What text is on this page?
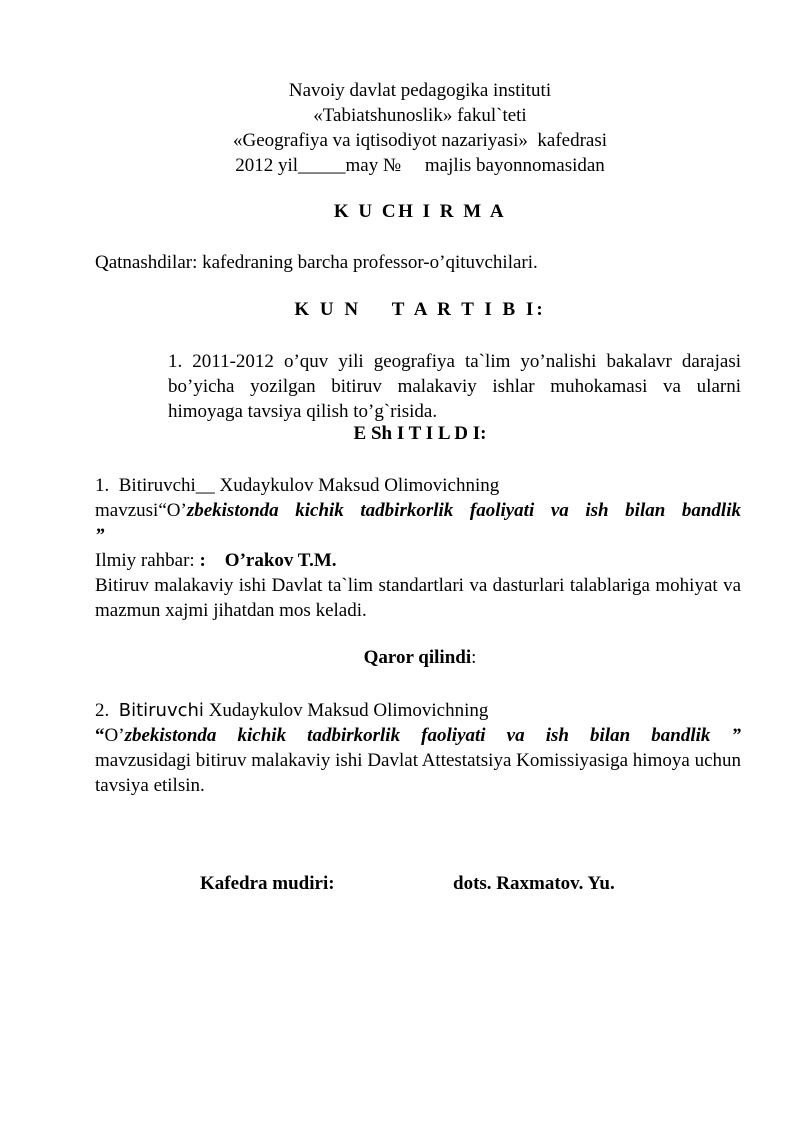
Navoiy davlat pedagogika instituti
«Tabiatshunoslik» fakul`teti
«Geografiya va iqtisodiyot nazariyasi»  kafedrasi
2012 yil_____may №     majlis bayonnomasidan
K U CH I R M A
Qatnashdilar: kafedraning barcha professor-o’qituvchilari.
K U N    T A R T I B I:
1. 2011-2012 o’quv yili geografiya ta`lim yo’nalishi bakalavr darajasi bo’yicha yozilgan bitiruv malakaviy ishlar muhokamasi va ularni himoyaga tavsiya qilish to’g`risida.
E Sh I T I L D I:
1. Bitiruvchi__ Xudaykulov Maksud Olimovichning
mavzusi“O’zbekistonda kichik tadbirkorlik faoliyati va ish bilan bandlik
”
Ilmiy rahbar: : O’rakov T.M.
Bitiruv malakaviy ishi Davlat ta`lim standartlari va dasturlari talablariga mohiyat va mazmun xajmi jihatdan mos keladi.
Qaror qilindi:
2. Bitiruvchi Xudaykulov Maksud Olimovichning
“O’zbekistonda kichik tadbirkorlik faoliyati va ish bilan bandlik ”
mavzusidagi bitiruv malakaviy ishi Davlat Attestatsiya Komissiyasiga himoya uchun tavsiya etilsin.
Kafedra mudiri:	dots. Raxmatov. Yu.
